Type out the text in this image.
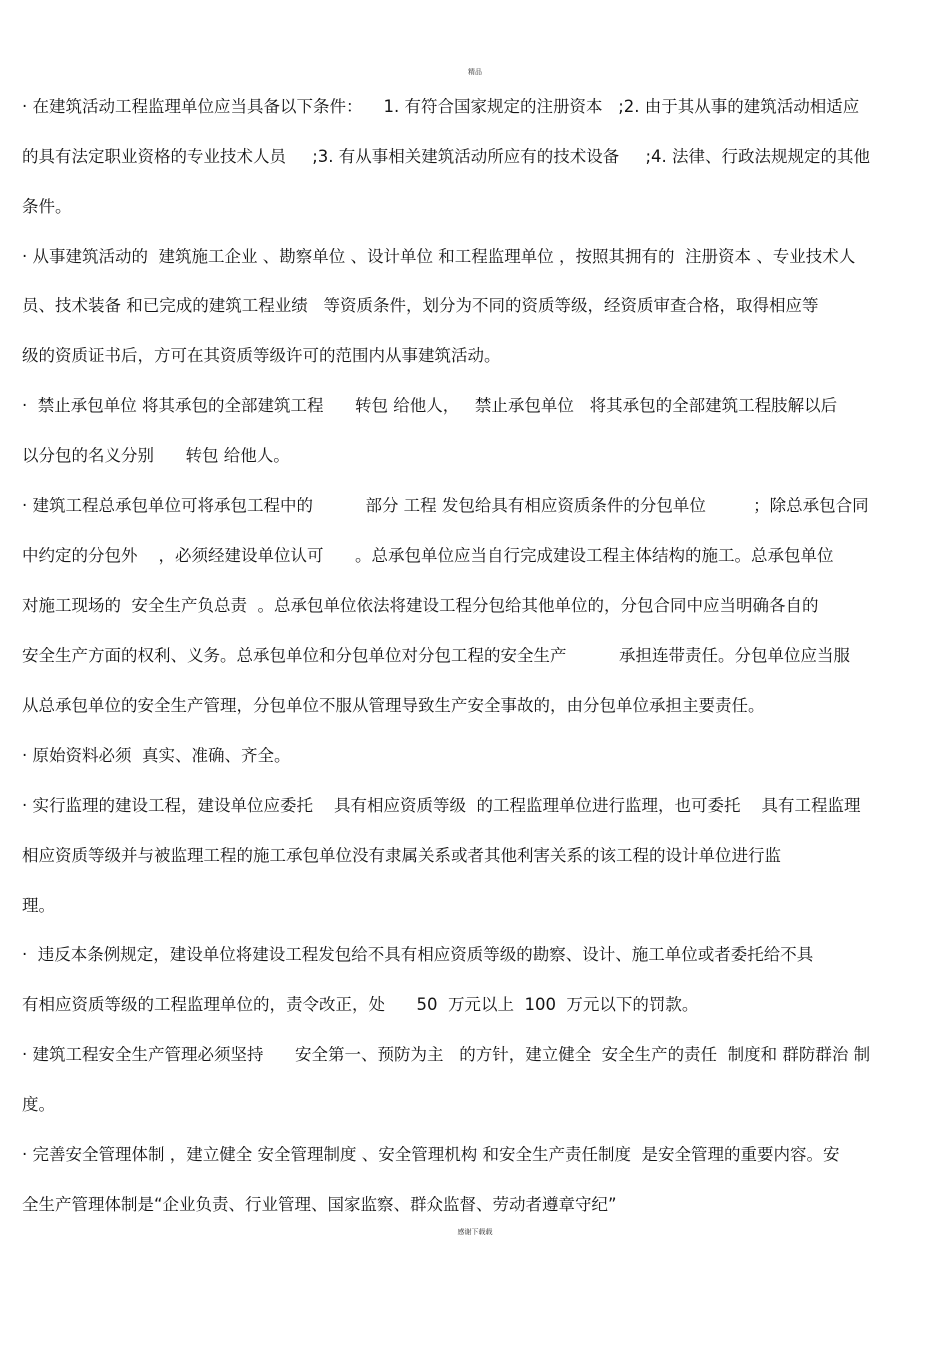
精品
· 在建筑活动工程监理单位应当具备以下条件：    1. 有符合国家规定的注册资本   ;2. 由于其从事的建筑活动相适应
的具有法定职业资格的专业技术人员     ;3. 有从事相关建筑活动所应有的技术设备     ;4. 法律、行政法规规定的其他
条件。
· 从事建筑活动的  建筑施工企业 、勘察单位 、设计单位 和工程监理单位 ，按照其拥有的  注册资本 、专业技术人
员、技术装备 和已完成的建筑工程业绩   等资质条件，划分为不同的资质等级，经资质审查合格，取得相应等
级的资质证书后，方可在其资质等级许可的范围内从事建筑活动。
·  禁止承包单位 将其承包的全部建筑工程      转包 给他人，   禁止承包单位   将其承包的全部建筑工程肢解以后
以分包的名义分别      转包 给他人。
· 建筑工程总承包单位可将承包工程中的          部分 工程 发包给具有相应资质条件的分包单位         ；除总承包合同
中约定的分包外    ，必须经建设单位认可      。总承包单位应当自行完成建设工程主体结构的施工。总承包单位
对施工现场的  安全生产负总责  。总承包单位依法将建设工程分包给其他单位的，分包合同中应当明确各自的
安全生产方面的权利、义务。总承包单位和分包单位对分包工程的安全生产          承担连带责任。分包单位应当服
从总承包单位的安全生产管理，分包单位不服从管理导致生产安全事故的，由分包单位承担主要责任。
· 原始资料必须  真实、准确、齐全。
· 实行监理的建设工程，建设单位应委托    具有相应资质等级  的工程监理单位进行监理，也可委托    具有工程监理
相应资质等级并与被监理工程的施工承包单位没有隶属关系或者其他利害关系的该工程的设计单位进行监
理。
·  违反本条例规定，建设单位将建设工程发包给不具有相应资质等级的勘察、设计、施工单位或者委托给不具
有相应资质等级的工程监理单位的，责令改正，处      50  万元以上  100  万元以下的罚款。
· 建筑工程安全生产管理必须坚持      安全第一、预防为主   的方针，建立健全  安全生产的责任  制度和 群防群治 制
度。
· 完善安全管理体制 ，建立健全 安全管理制度 、安全管理机构 和安全生产责任制度  是安全管理的重要内容。安
全生产管理体制是“企业负责、行业管理、国家监察、群众监督、劳动者遵章守纪”
感谢下载载
